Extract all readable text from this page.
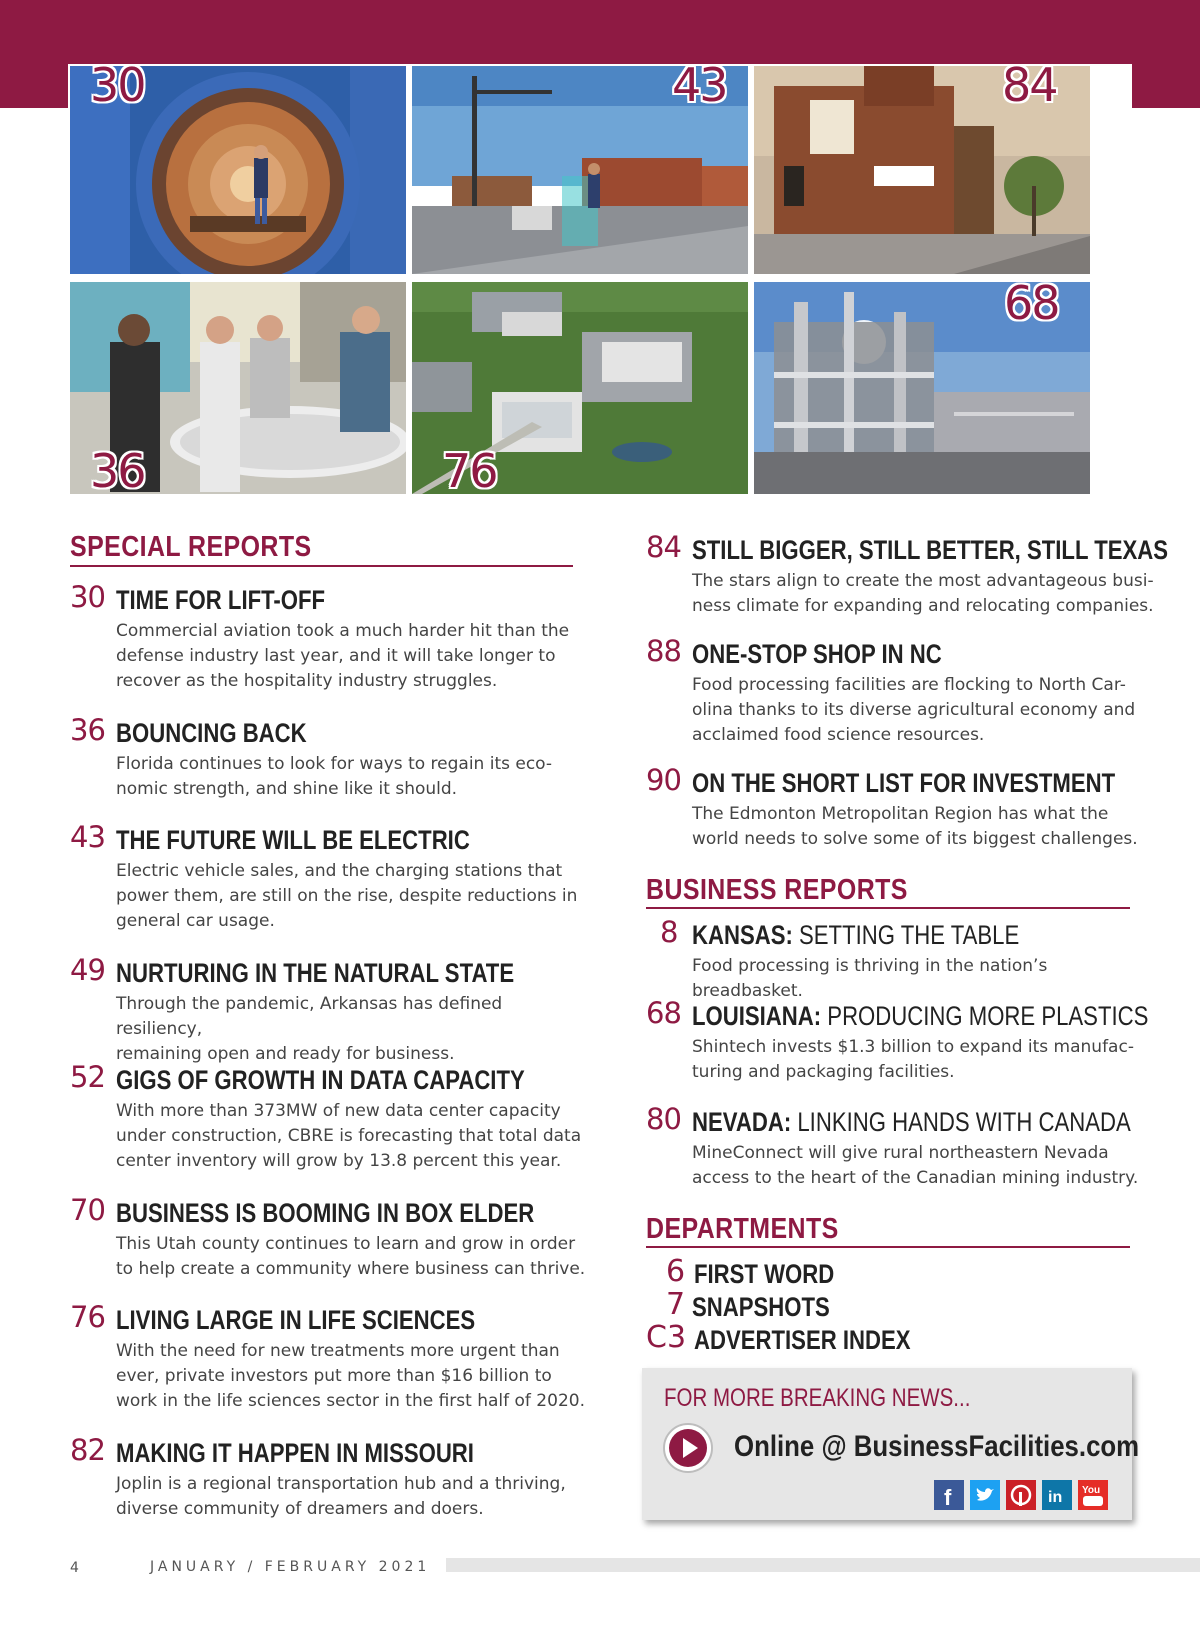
30	43	84
36	76
68
SPECIAL REPORTS
30 TIME FOR LIFT-OFF
Commercial aviation took a much harder hit than the
defense industry last year, and it will take longer to
recover as the hospitality industry struggles.
36 BOUNCING BACK
Florida continues to look for ways to regain its eco-
nomic strength, and shine like it should.
43 THE FUTURE WILL BE ELECTRIC
Electric vehicle sales, and the charging stations that
power them, are still on the rise, despite reductions in
general car usage.
49 NURTURING IN THE NATURAL STATE
Through the pandemic, Arkansas has defined resiliency,
remaining open and ready for business.
52 GIGS OF GROWTH IN DATA CAPACITY
With more than 373MW of new data center capacity
under construction, CBRE is forecasting that total data
center inventory will grow by 13.8 percent this year.
70 BUSINESS IS BOOMING IN BOX ELDER
This Utah county continues to learn and grow in order
to help create a community where business can thrive.
76 LIVING LARGE IN LIFE SCIENCES
With the need for new treatments more urgent than
ever, private investors put more than $16 billion to
work in the life sciences sector in the first half of 2020.
82 MAKING IT HAPPEN IN MISSOURI
Joplin is a regional transportation hub and a thriving,
diverse community of dreamers and doers.
84 STILL BIGGER, STILL BETTER, STILL TEXAS
The stars align to create the most advantageous busi-
ness climate for expanding and relocating companies.
88 ONE-STOP SHOP IN NC
Food processing facilities are flocking to North Car-
olina thanks to its diverse agricultural economy and
acclaimed food science resources.
90 ON THE SHORT LIST FOR INVESTMENT
The Edmonton Metropolitan Region has what the
world needs to solve some of its biggest challenges.
BUSINESS REPORTS
8 KANSAS: SETTING THE TABLE
Food processing is thriving in the nation’s breadbasket.
68 LOUISIANA: PRODUCING MORE PLASTICS
Shintech invests $1.3 billion to expand its manufac-
turing and packaging facilities.
80 NEVADA: LINKING HANDS WITH CANADA
MineConnect will give rural northeastern Nevada
access to the heart of the Canadian mining industry.
DEPARTMENTS
6 FIRST WORD
7 SNAPSHOTS
C3 ADVERTISER INDEX
FOR MORE BREAKING NEWS...
Online @ BusinessFacilities.com
f	in You
4	JANUARY / FEBRUARY 2021
